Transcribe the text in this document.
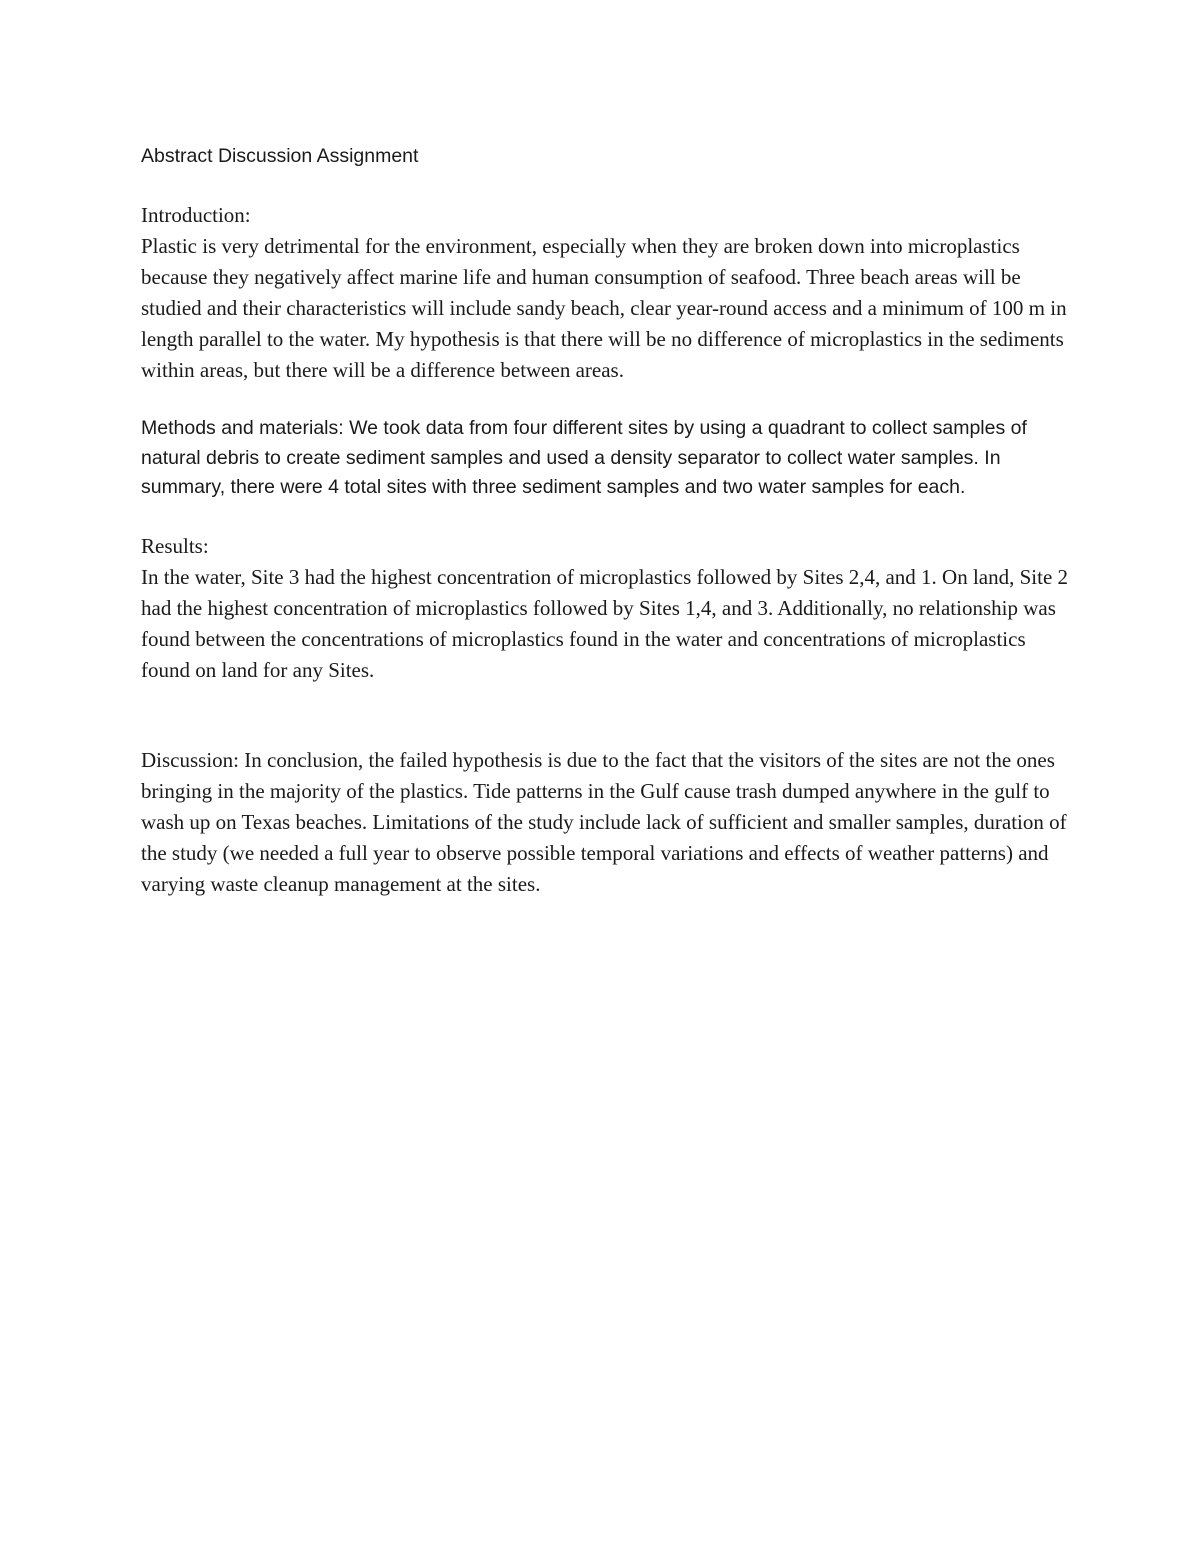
Abstract Discussion Assignment

Introduction:

Plastic is very detrimental for the environment, especially when they are broken down into microplastics because they negatively affect marine life and human consumption of seafood. Three beach areas will be studied and their characteristics will include sandy beach, clear year-round access and a minimum of 100 m in length parallel to the water. My hypothesis is that there will be no difference of microplastics in the sediments within areas, but there will be a difference between areas.

Methods and materials: We took data from four different sites by using a quadrant to collect samples of natural debris to create sediment samples and used a density separator to collect water samples. In summary, there were 4 total sites with three sediment samples and two water samples for each.

Results:

In the water, Site 3 had the highest concentration of microplastics followed by Sites 2,4, and 1. On land, Site 2 had the highest concentration of microplastics followed by Sites 1,4, and 3. Additionally, no relationship was found between the concentrations of microplastics found in the water and concentrations of microplastics found on land for any Sites.

Discussion: In conclusion, the failed hypothesis is due to the fact that the visitors of the sites are not the ones bringing in the majority of the plastics. Tide patterns in the Gulf cause trash dumped anywhere in the gulf to wash up on Texas beaches. Limitations of the study include lack of sufficient and smaller samples, duration of the study (we needed a full year to observe possible temporal variations and effects of weather patterns) and varying waste cleanup management at the sites.
